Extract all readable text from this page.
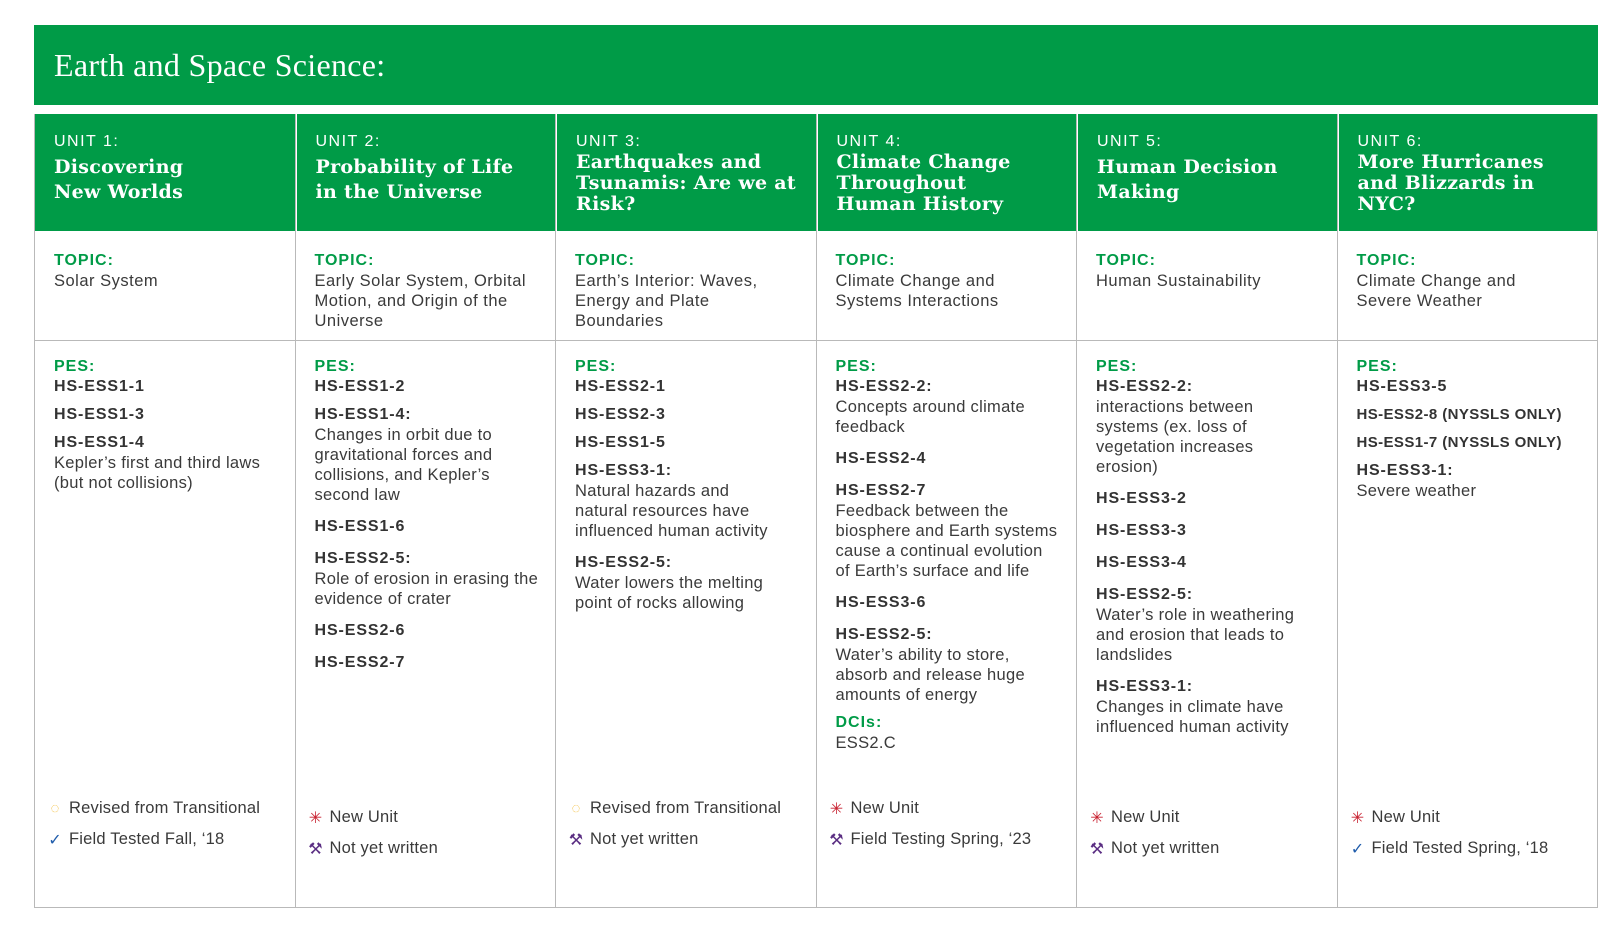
Earth and Space Science:
UNIT 1:
Discovering New Worlds
TOPIC:
Solar System
PES:
HS-ESS1-1
HS-ESS1-3
HS-ESS1-4
Kepler’s first and third laws (but not collisions)
◌ Revised from Transitional
✓ Field Tested Fall, ‘18
UNIT 2:
Probability of Life in the Universe
TOPIC:
Early Solar System, Orbital Motion, and Origin of the Universe
PES:
HS-ESS1-2
HS-ESS1-4:
Changes in orbit due to gravitational forces and collisions, and Kepler’s second law
HS-ESS1-6
HS-ESS2-5:
Role of erosion in erasing the evidence of crater
HS-ESS2-6
HS-ESS2-7
✳ New Unit
⚒ Not yet written
UNIT 3:
Earthquakes and Tsunamis: Are we at Risk?
TOPIC:
Earth’s Interior: Waves, Energy and Plate Boundaries
PES:
HS-ESS2-1
HS-ESS2-3
HS-ESS1-5
HS-ESS3-1:
Natural hazards and natural resources have influenced human activity
HS-ESS2-5:
Water lowers the melting point of rocks allowing
◌ Revised from Transitional
⚒ Not yet written
UNIT 4:
Climate Change Throughout Human History
TOPIC:
Climate Change and Systems Interactions
PES:
HS-ESS2-2:
Concepts around climate feedback
HS-ESS2-4
HS-ESS2-7
Feedback between the biosphere and Earth systems cause a continual evolution of Earth’s surface and life
HS-ESS3-6
HS-ESS2-5:
Water’s ability to store, absorb and release huge amounts of energy
DCIs:
ESS2.C
✳ New Unit
⚒ Field Testing Spring, ‘23
UNIT 5:
Human Decision Making
TOPIC:
Human Sustainability
PES:
HS-ESS2-2:
interactions between systems (ex. loss of vegetation increases erosion)
HS-ESS3-2
HS-ESS3-3
HS-ESS3-4
HS-ESS2-5:
Water’s role in weathering and erosion that leads to landslides
HS-ESS3-1:
Changes in climate have influenced human activity
✳ New Unit
⚒ Not yet written
UNIT 6:
More Hurricanes and Blizzards in NYC?
TOPIC:
Climate Change and Severe Weather
PES:
HS-ESS3-5
HS-ESS2-8 (NYSSLS ONLY)
HS-ESS1-7 (NYSSLS ONLY)
HS-ESS3-1:
Severe weather
✳ New Unit
✓ Field Tested Spring, ‘18
